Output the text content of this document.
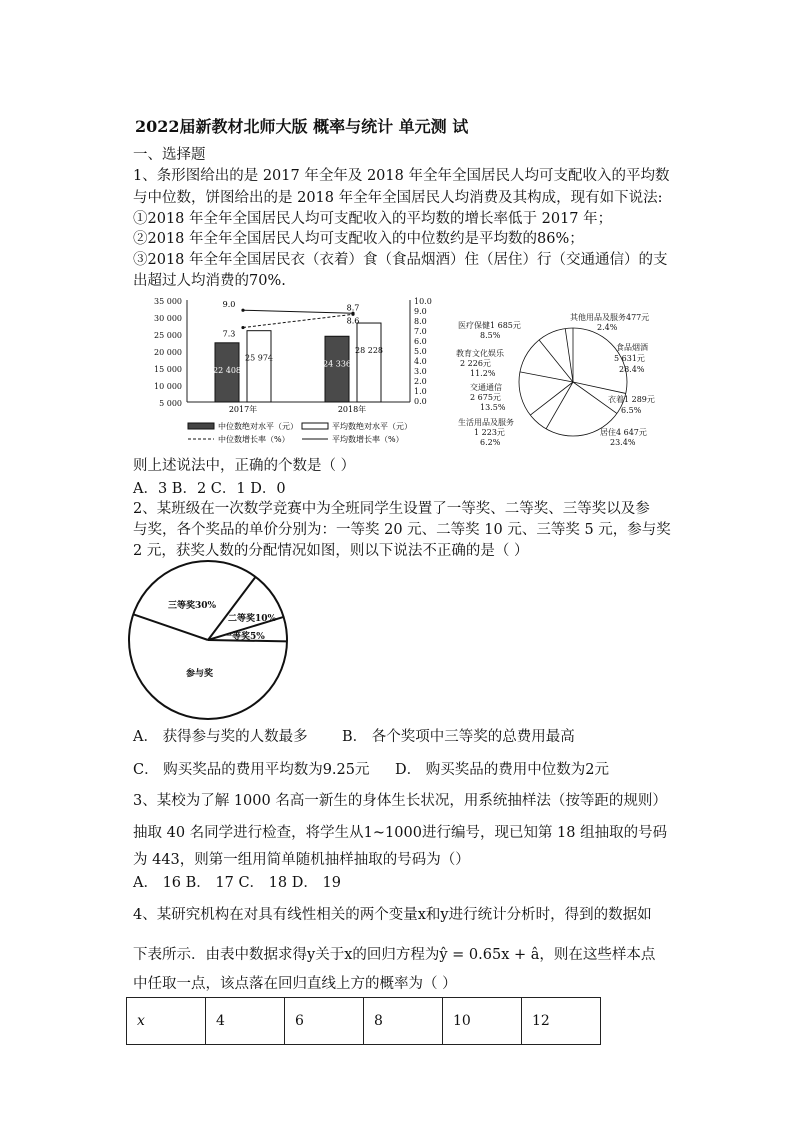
2022届新教材北师大版 概率与统计 单元测 试
一、选择题
1、条形图给出的是 2017 年全年及 2018 年全年全国居民人均可支配收入的平均数
与中位数，饼图给出的是 2018 年全年全国居民人均消费及其构成，现有如下说法:
①2018 年全年全国居民人均可支配收入的平均数的增长率低于 2017 年；
②2018 年全年全国居民人均可支配收入的中位数约是平均数的86%；
③2018 年全年全国居民衣（衣着）食（食品烟酒）住（居住）行（交通通信）的支
出超过人均消费的70%.
35 000
30 000
25 000
20 000
15 000
10 000
5 000
10.0
9.0
8.0
7.0
6.0
5.0
4.0
3.0
2.0
1.0
0.0
22 408
25 974
24 336
28 228
7.3
8.6
9.0	8.7
2017年	2018年
中位数绝对水平（元）	平均数绝对水平（元）
中位数增长率（%）	平均数增长率（%）
其他用品及服务477元
2.4%
食品烟酒
5 631元
28.4%
衣着1 289元
6.5%
居住4 647元
23.4%
生活用品及服务
1 223元
6.2%
交通通信
2 675元
13.5%
教育文化娱乐
2 226元
11.2%
医疗保健1 685元
8.5%
则上述说法中，正确的个数是（ ）
A．3 B．2 C．1 D．0
2、某班级在一次数学竞赛中为全班同学生设置了一等奖、二等奖、三等奖以及参
与奖，各个奖品的单价分别为：一等奖 20 元、二等奖 10 元、三等奖 5 元，参与奖
2 元，获奖人数的分配情况如图，则以下说法不正确的是（ ）
三等奖30%
二等奖10%
一等奖5%
参与奖
A． 获得参与奖的人数最多 B． 各个奖项中三等奖的总费用最高
C． 购买奖品的费用平均数为9.25元 D． 购买奖品的费用中位数为2元
3、某校为了解 1000 名高一新生的身体生长状况，用系统抽样法（按等距的规则）
抽取 40 名同学进行检查，将学生从1~1000进行编号，现已知第 18 组抽取的号码
为 443，则第一组用简单随机抽样抽取的号码为（）
A． 16 B． 17 C． 18 D． 19
4、某研究机构在对具有线性相关的两个变量x和y进行统计分析时，得到的数据如
下表所示．由表中数据求得y关于x的回归方程为ŷ = 0.65x + â，则在这些样本点
中任取一点，该点落在回归直线上方的概率为（ ）
x	4	6	8	10	12
